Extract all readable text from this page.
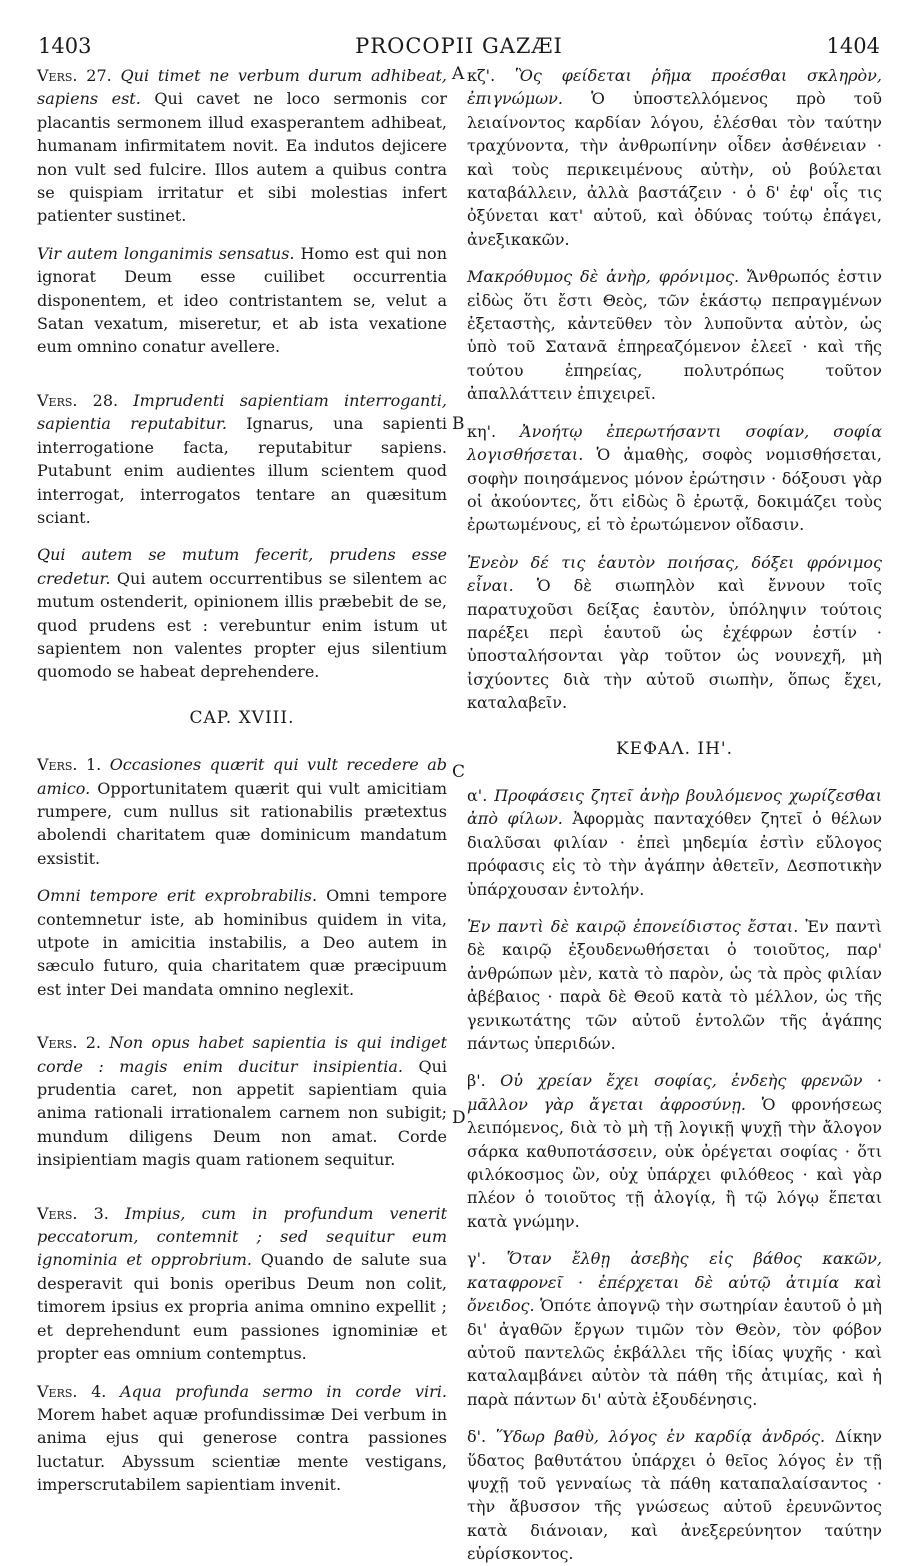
1403	PROCOPII GAZÆI	1404
A
B
C
D

Vers. 27. Qui timet ne verbum durum adhibeat, sapiens est. Qui cavet ne loco sermonis cor placantis sermonem illud exasperantem adhibeat, humanam infirmitatem novit. Ea indutos dejicere non vult sed fulcire. Illos autem a quibus contra se quispiam irritatur et sibi molestias infert patienter sustinet.

Vir autem longanimis sensatus. Homo est qui non ignorat Deum esse cuilibet occurrentia disponentem, et ideo contristantem se, velut a Satan vexatum, miseretur, et ab ista vexatione eum omnino conatur avellere.

Vers. 28. Imprudenti sapientiam interroganti, sapientia reputabitur. Ignarus, una sapienti interrogatione facta, reputabitur sapiens. Putabunt enim audientes illum scientem quod interrogat, interrogatos tentare an quæsitum sciant.

Qui autem se mutum fecerit, prudens esse credetur. Qui autem occurrentibus se silentem ac mutum ostenderit, opinionem illis præbebit de se, quod prudens est : verebuntur enim istum ut sapientem non valentes propter ejus silentium quomodo se habeat deprehendere.

CAP. XVIII.

Vers. 1. Occasiones quærit qui vult recedere ab amico. Opportunitatem quærit qui vult amicitiam rumpere, cum nullus sit rationabilis prætextus abolendi charitatem quæ dominicum mandatum exsistit.

Omni tempore erit exprobrabilis. Omni tempore contemnetur iste, ab hominibus quidem in vita, utpote in amicitia instabilis, a Deo autem in sæculo futuro, quia charitatem quæ præcipuum est inter Dei mandata omnino neglexit.

Vers. 2. Non opus habet sapientia is qui indiget corde : magis enim ducitur insipientia. Qui prudentia caret, non appetit sapientiam quia anima rationali irrationalem carnem non subigit; mundum diligens Deum non amat. Corde insipientiam magis quam rationem sequitur.

Vers. 3. Impius, cum in profundum venerit peccatorum, contemnit ; sed sequitur eum ignominia et opprobrium. Quando de salute sua desperavit qui bonis operibus Deum non colit, timorem ipsius ex propria anima omnino expellit ; et deprehendunt eum passiones ignominiæ et propter eas omnium contemptus.

Vers. 4. Aqua profunda sermo in corde viri. Morem habet aquæ profundissimæ Dei verbum in anima ejus qui generose contra passiones luctatur. Abyssum scientiæ mente vestigans, imperscrutabilem sapientiam invenit.

κζ'. Ὃς φείδεται ῥῆμα προέσθαι σκληρὸν, ἐπιγνώμων. Ὁ ὑποστελλόμενος πρὸ τοῦ λειαίνοντος καρδίαν λόγου, ἐλέσθαι τὸν ταύτην τραχύνοντα, τὴν ἀνθρωπίνην οἶδεν ἀσθένειαν · καὶ τοὺς περικειμένους αὐτὴν, οὐ βούλεται καταβάλλειν, ἀλλὰ βαστάζειν · ὁ δ' ἐφ' οἷς τις ὀξύνεται κατ' αὐτοῦ, καὶ ὀδύνας τούτῳ ἐπάγει, ἀνεξικακῶν.

Μακρόθυμος δὲ ἀνὴρ, φρόνιμος. Ἄνθρωπός ἐστιν εἰδὼς ὅτι ἔστι Θεὸς, τῶν ἑκάστῳ πεπραγμένων ἐξεταστὴς, κἀντεῦθεν τὸν λυποῦντα αὐτὸν, ὡς ὑπὸ τοῦ Σατανᾶ ἐπηρεαζόμενον ἐλεεῖ · καὶ τῆς τούτου ἐπηρείας, πολυτρόπως τοῦτον ἀπαλλάττειν ἐπιχειρεῖ.

κη'. Ἀνοήτῳ ἐπερωτήσαντι σοφίαν, σοφία λογισθήσεται. Ὁ ἀμαθὴς, σοφὸς νομισθήσεται, σοφὴν ποιησάμενος μόνον ἐρώτησιν · δόξουσι γὰρ οἱ ἀκούοντες, ὅτι εἰδὼς ὃ ἐρωτᾷ, δοκιμάζει τοὺς ἐρωτωμένους, εἰ τὸ ἐρωτώμενον οἴδασιν.

Ἐνεὸν δέ τις ἑαυτὸν ποιήσας, δόξει φρόνιμος εἶναι. Ὁ δὲ σιωπηλὸν καὶ ἔννουν τοῖς παρατυχοῦσι δείξας ἑαυτὸν, ὑπόληψιν τούτοις παρέξει περὶ ἑαυτοῦ ὡς ἐχέφρων ἐστίν · ὑποσταλήσονται γὰρ τοῦτον ὡς νουνεχῆ, μὴ ἰσχύοντες διὰ τὴν αὐτοῦ σιωπὴν, ὅπως ἔχει, καταλαβεῖν.

ΚΕΦΑΛ. ΙΗ'.

α'. Προφάσεις ζητεῖ ἀνὴρ βουλόμενος χωρίζεσθαι ἀπὸ φίλων. Ἀφορμὰς πανταχόθεν ζητεῖ ὁ θέλων διαλῦσαι φιλίαν · ἐπεὶ μηδεμία ἐστὶν εὔλογος πρόφασις εἰς τὸ τὴν ἀγάπην ἀθετεῖν, Δεσποτικὴν ὑπάρχουσαν ἐντολήν.

Ἐν παντὶ δὲ καιρῷ ἐπονείδιστος ἔσται. Ἐν παντὶ δὲ καιρῷ ἐξουδενωθήσεται ὁ τοιοῦτος, παρ' ἀνθρώπων μὲν, κατὰ τὸ παρὸν, ὡς τὰ πρὸς φιλίαν ἀβέβαιος · παρὰ δὲ Θεοῦ κατὰ τὸ μέλλον, ὡς τῆς γενικωτάτης τῶν αὐτοῦ ἐντολῶν τῆς ἀγάπης πάντως ὑπεριδών.

β'. Οὐ χρείαν ἔχει σοφίας, ἐνδεὴς φρενῶν · μᾶλλον γὰρ ἄγεται ἀφροσύνῃ. Ὁ φρονήσεως λειπόμενος, διὰ τὸ μὴ τῇ λογικῇ ψυχῇ τὴν ἄλογον σάρκα καθυποτάσσειν, οὐκ ὀρέγεται σοφίας · ὅτι φιλόκοσμος ὢν, οὐχ ὑπάρχει φιλόθεος · καὶ γὰρ πλέον ὁ τοιοῦτος τῇ ἀλογίᾳ, ἢ τῷ λόγῳ ἕπεται κατὰ γνώμην.

γ'. Ὅταν ἔλθῃ ἀσεβὴς εἰς βάθος κακῶν, καταφρονεῖ · ἐπέρχεται δὲ αὐτῷ ἀτιμία καὶ ὄνειδος. Ὁπότε ἀπογνῷ τὴν σωτηρίαν ἑαυτοῦ ὁ μὴ δι' ἀγαθῶν ἔργων τιμῶν τὸν Θεὸν, τὸν φόβον αὐτοῦ παντελῶς ἐκβάλλει τῆς ἰδίας ψυχῆς · καὶ καταλαμβάνει αὐτὸν τὰ πάθη τῆς ἀτιμίας, καὶ ἡ παρὰ πάντων δι' αὐτὰ ἐξουδένησις.

δ'. Ὕδωρ βαθὺ, λόγος ἐν καρδίᾳ ἀνδρός. Δίκην ὕδατος βαθυτάτου ὑπάρχει ὁ θεῖος λόγος ἐν τῇ ψυχῇ τοῦ γενναίως τὰ πάθη καταπαλαίσαντος · τὴν ἄβυσσον τῆς γνώσεως αὐτοῦ ἐρευνῶντος κατὰ διάνοιαν, καὶ ἀνεξερεύνητον ταύτην εὑρίσκοντος.
